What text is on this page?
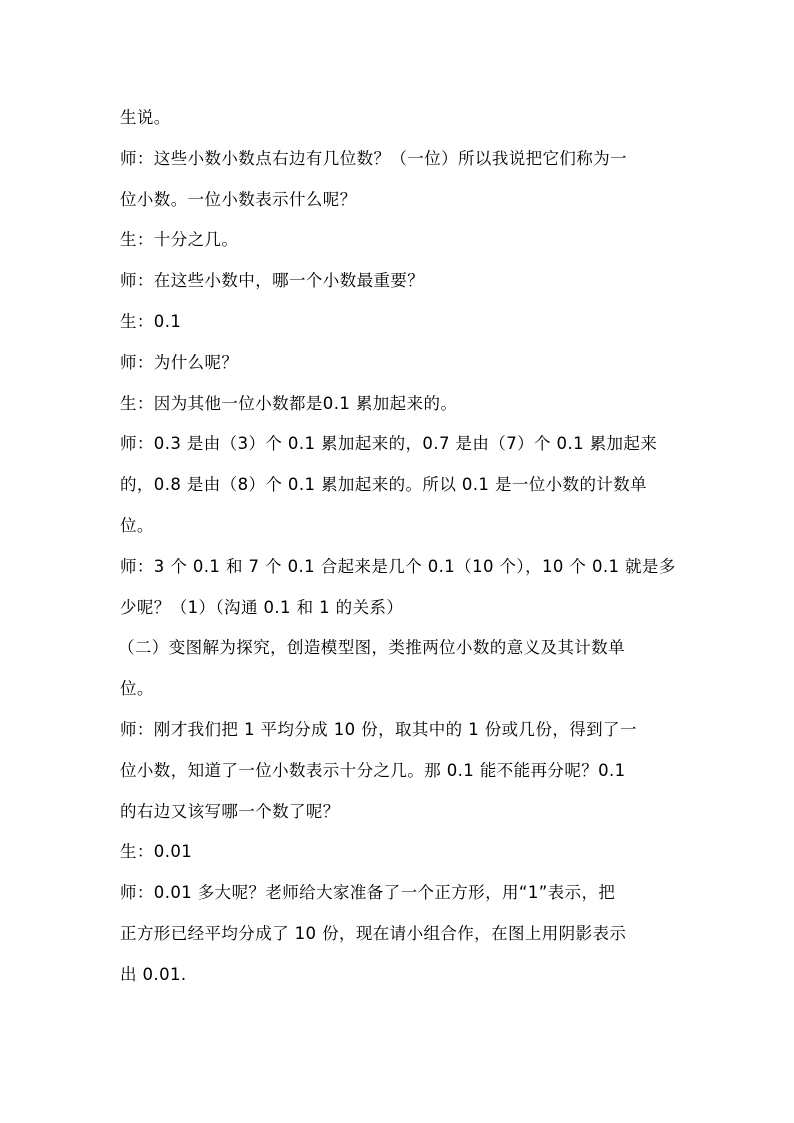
生说。
师：这些小数小数点右边有几位数？（一位）所以我说把它们称为一
位小数。一位小数表示什么呢？
生：十分之几。
师：在这些小数中，哪一个小数最重要？
生：0.1
师：为什么呢？
生：因为其他一位小数都是0.1 累加起来的。
师：0.3 是由（3）个 0.1 累加起来的，0.7 是由（7）个 0.1 累加起来
的，0.8 是由（8）个 0.1 累加起来的。所以 0.1 是一位小数的计数单
位。
师：3 个 0.1 和 7 个 0.1 合起来是几个 0.1（10 个），10 个 0.1 就是多
少呢？（1）（沟通 0.1 和 1 的关系）
（二）变图解为探究，创造模型图，类推两位小数的意义及其计数单
位。
师：刚才我们把 1 平均分成 10 份，取其中的 1 份或几份，得到了一
位小数，知道了一位小数表示十分之几。那 0.1 能不能再分呢？0.1
的右边又该写哪一个数了呢？
生：0.01
师：0.01 多大呢？老师给大家准备了一个正方形，用“1”表示，把
正方形已经平均分成了 10 份，现在请小组合作，在图上用阴影表示
出 0.01.
